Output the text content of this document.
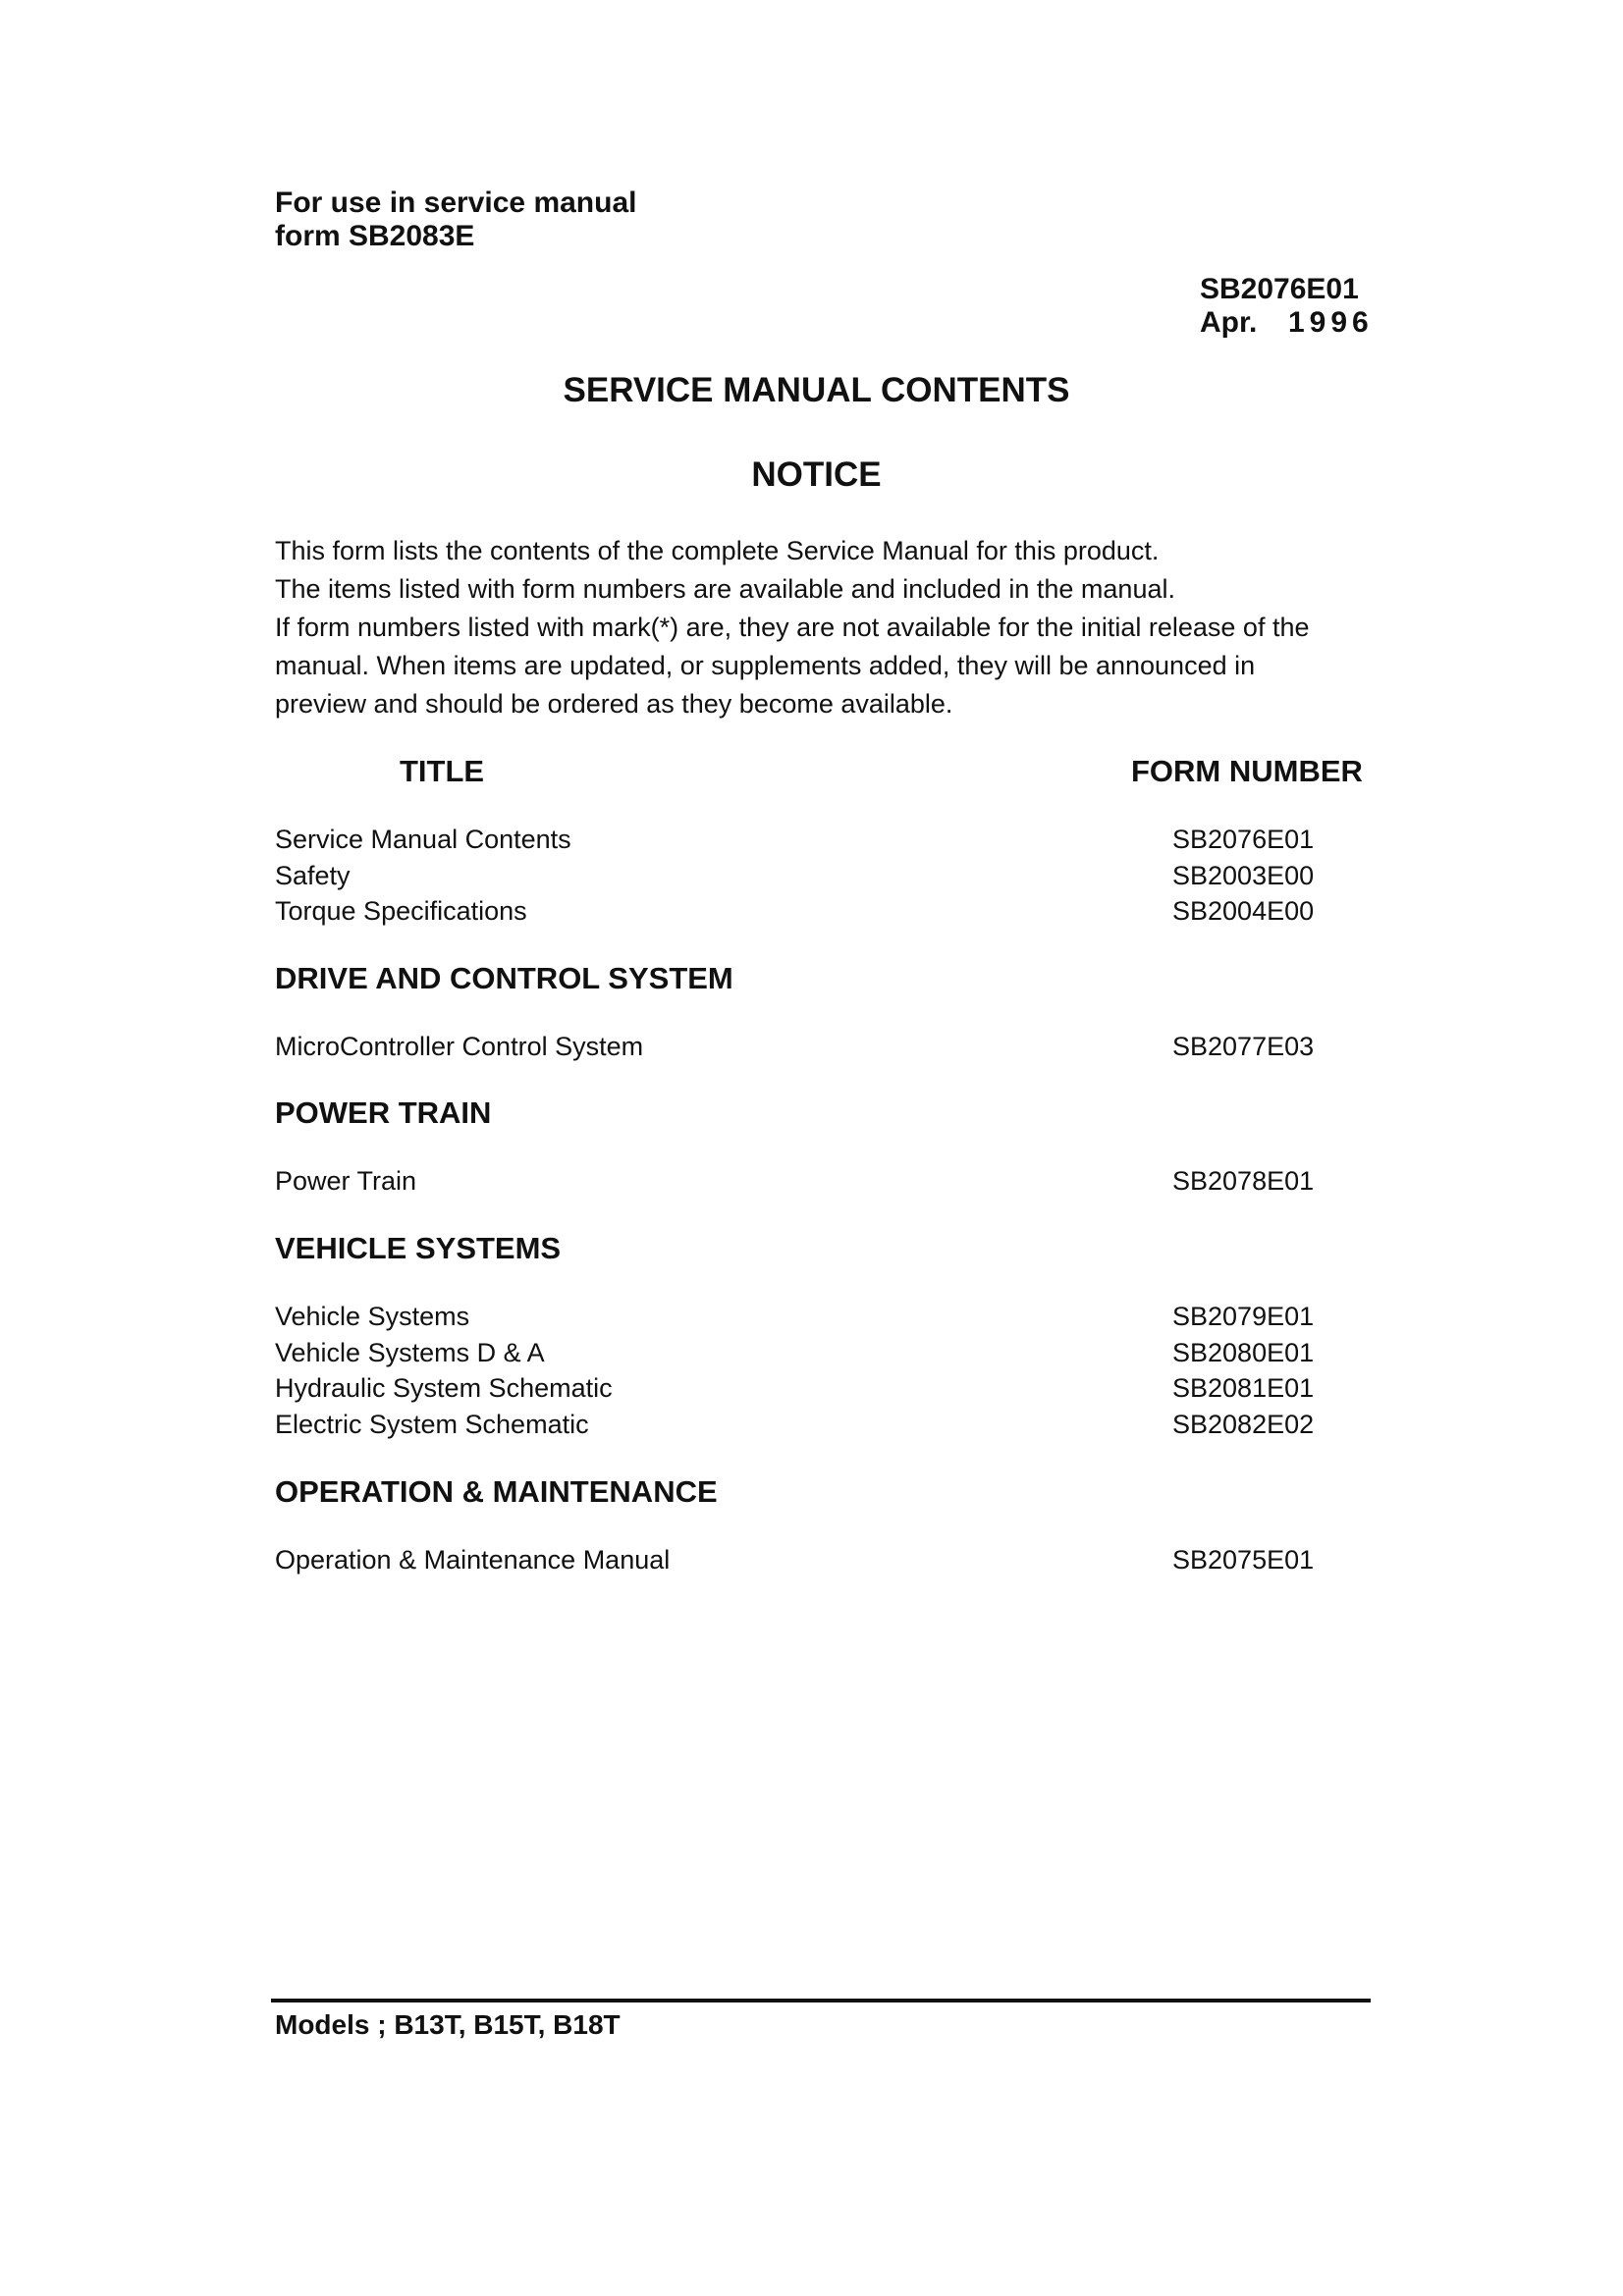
For use in service manual
form SB2083E
SB2076E01
Apr. 1996
SERVICE MANUAL CONTENTS
NOTICE
This form lists the contents of the complete Service Manual for this product.
The items listed with form numbers are available and included in the manual.
If form numbers listed with mark(*) are, they are not available for the initial release of the
manual. When items are updated, or supplements added, they will be announced in
preview and should be ordered as they become available.
TITLE	FORM NUMBER
Service Manual Contents	SB2076E01
Safety	SB2003E00
Torque Specifications	SB2004E00
DRIVE AND CONTROL SYSTEM
MicroController Control System	SB2077E03
POWER TRAIN
Power Train	SB2078E01
VEHICLE SYSTEMS
Vehicle Systems	SB2079E01
Vehicle Systems D & A	SB2080E01
Hydraulic System Schematic	SB2081E01
Electric System Schematic	SB2082E02
OPERATION & MAINTENANCE
Operation & Maintenance Manual	SB2075E01
Models ; B13T, B15T, B18T
